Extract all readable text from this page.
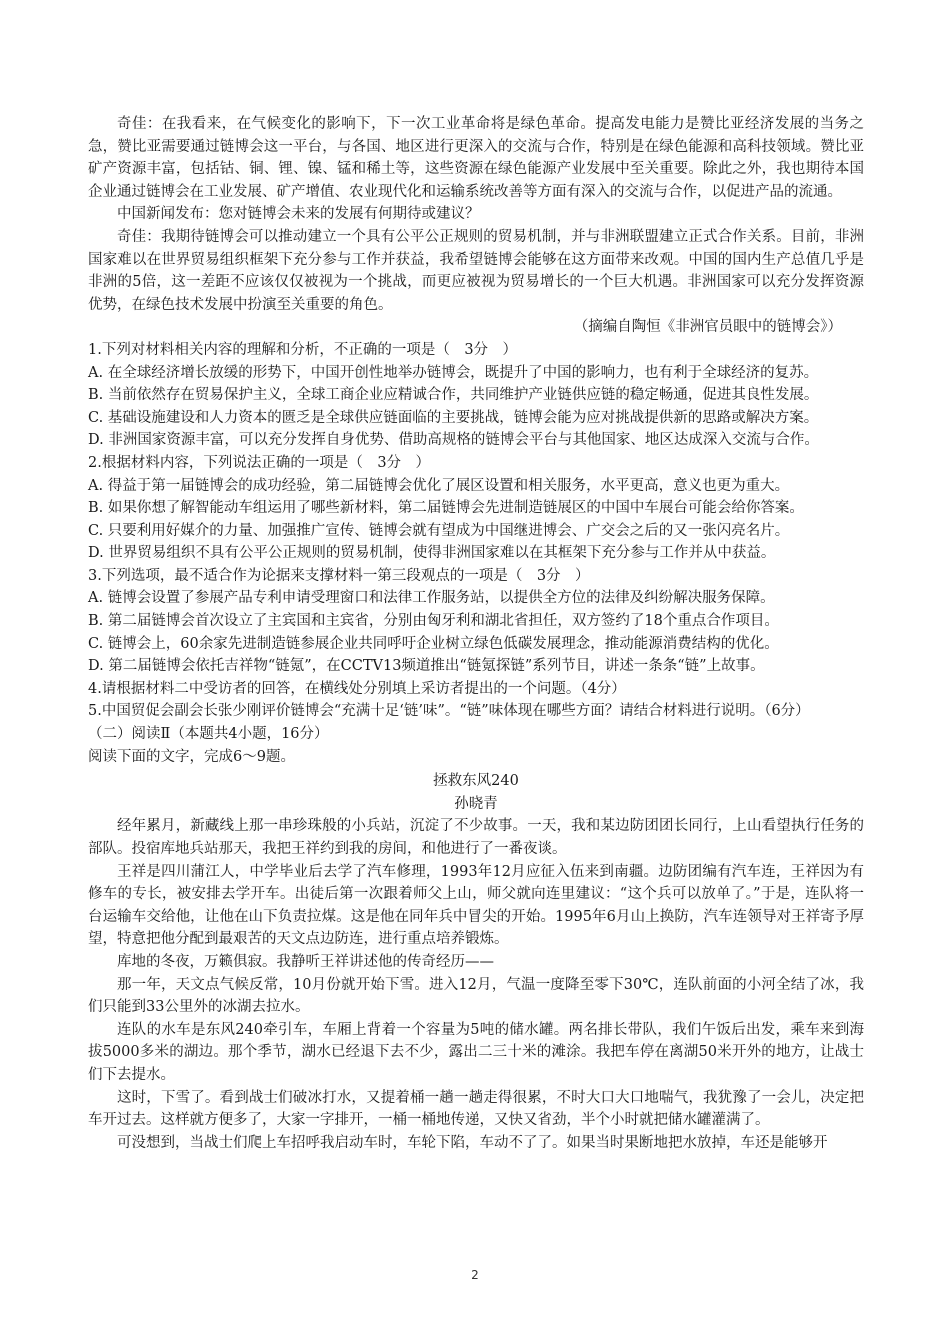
奇佳：在我看来，在气候变化的影响下，下一次工业革命将是绿色革命。提高发电能力是赞比亚经济发展的当务之急，赞比亚需要通过链博会这一平台，与各国、地区进行更深入的交流与合作，特别是在绿色能源和高科技领域。赞比亚矿产资源丰富，包括钴、铜、锂、镍、锰和稀土等，这些资源在绿色能源产业发展中至关重要。除此之外，我也期待本国企业通过链博会在工业发展、矿产增值、农业现代化和运输系统改善等方面有深入的交流与合作，以促进产品的流通。

中国新闻发布：您对链博会未来的发展有何期待或建议？

奇佳：我期待链博会可以推动建立一个具有公平公正规则的贸易机制，并与非洲联盟建立正式合作关系。目前，非洲国家难以在世界贸易组织框架下充分参与工作并获益，我希望链博会能够在这方面带来改观。中国的国内生产总值几乎是非洲的5倍，这一差距不应该仅仅被视为一个挑战，而更应被视为贸易增长的一个巨大机遇。非洲国家可以充分发挥资源优势，在绿色技术发展中扮演至关重要的角色。

（摘编自陶恒《非洲官员眼中的链博会》）

1.下列对材料相关内容的理解和分析，不正确的一项是（　3分　）

A. 在全球经济增长放缓的形势下，中国开创性地举办链博会，既提升了中国的影响力，也有利于全球经济的复苏。

B. 当前依然存在贸易保护主义，全球工商企业应精诚合作，共同维护产业链供应链的稳定畅通，促进其良性发展。

C. 基础设施建设和人力资本的匮乏是全球供应链面临的主要挑战，链博会能为应对挑战提供新的思路或解决方案。

D. 非洲国家资源丰富，可以充分发挥自身优势、借助高规格的链博会平台与其他国家、地区达成深入交流与合作。

2.根据材料内容，下列说法正确的一项是（　3分　）

A. 得益于第一届链博会的成功经验，第二届链博会优化了展区设置和相关服务，水平更高，意义也更为重大。

B. 如果你想了解智能动车组运用了哪些新材料，第二届链博会先进制造链展区的中国中车展台可能会给你答案。

C. 只要利用好媒介的力量、加强推广宣传、链博会就有望成为中国继进博会、广交会之后的又一张闪亮名片。

D. 世界贸易组织不具有公平公正规则的贸易机制，使得非洲国家难以在其框架下充分参与工作并从中获益。

3.下列选项，最不适合作为论据来支撑材料一第三段观点的一项是（　3分　）

A. 链博会设置了参展产品专利申请受理窗口和法律工作服务站，以提供全方位的法律及纠纷解决服务保障。

B. 第二届链博会首次设立了主宾国和主宾省，分别由匈牙利和湖北省担任，双方签约了18个重点合作项目。

C. 链博会上，60余家先进制造链参展企业共同呼吁企业树立绿色低碳发展理念，推动能源消费结构的优化。

D. 第二届链博会依托吉祥物“链氪”，在CCTV13频道推出“链氪探链”系列节目，讲述一条条“链”上故事。

4.请根据材料二中受访者的回答，在横线处分别填上采访者提出的一个问题。（4分）

5.中国贸促会副会长张少刚评价链博会“充满十足‘链’味”。“链”味体现在哪些方面？请结合材料进行说明。（6分）

（二）阅读Ⅱ（本题共4小题，16分）

阅读下面的文字，完成6～9题。

拯救东风240

孙晓青

经年累月，新藏线上那一串珍珠般的小兵站，沉淀了不少故事。一天，我和某边防团团长同行，上山看望执行任务的部队。投宿库地兵站那天，我把王祥约到我的房间，和他进行了一番夜谈。

王祥是四川蒲江人，中学毕业后去学了汽车修理，1993年12月应征入伍来到南疆。边防团编有汽车连，王祥因为有修车的专长，被安排去学开车。出徒后第一次跟着师父上山，师父就向连里建议：“这个兵可以放单了。”于是，连队将一台运输车交给他，让他在山下负责拉煤。这是他在同年兵中冒尖的开始。1995年6月山上换防，汽车连领导对王祥寄予厚望，特意把他分配到最艰苦的天文点边防连，进行重点培养锻炼。

库地的冬夜，万籁俱寂。我静听王祥讲述他的传奇经历——

那一年，天文点气候反常，10月份就开始下雪。进入12月，气温一度降至零下30℃，连队前面的小河全结了冰，我们只能到33公里外的冰湖去拉水。

连队的水车是东风240牵引车，车厢上背着一个容量为5吨的储水罐。两名排长带队，我们午饭后出发，乘车来到海拔5000多米的湖边。那个季节，湖水已经退下去不少，露出二三十米的滩涂。我把车停在离湖50米开外的地方，让战士们下去提水。

这时，下雪了。看到战士们破冰打水，又提着桶一趟一趟走得很累，不时大口大口地喘气，我犹豫了一会儿，决定把车开过去。这样就方便多了，大家一字排开，一桶一桶地传递，又快又省劲，半个小时就把储水罐灌满了。

可没想到，当战士们爬上车招呼我启动车时，车轮下陷，车动不了了。如果当时果断地把水放掉，车还是能够开

2
